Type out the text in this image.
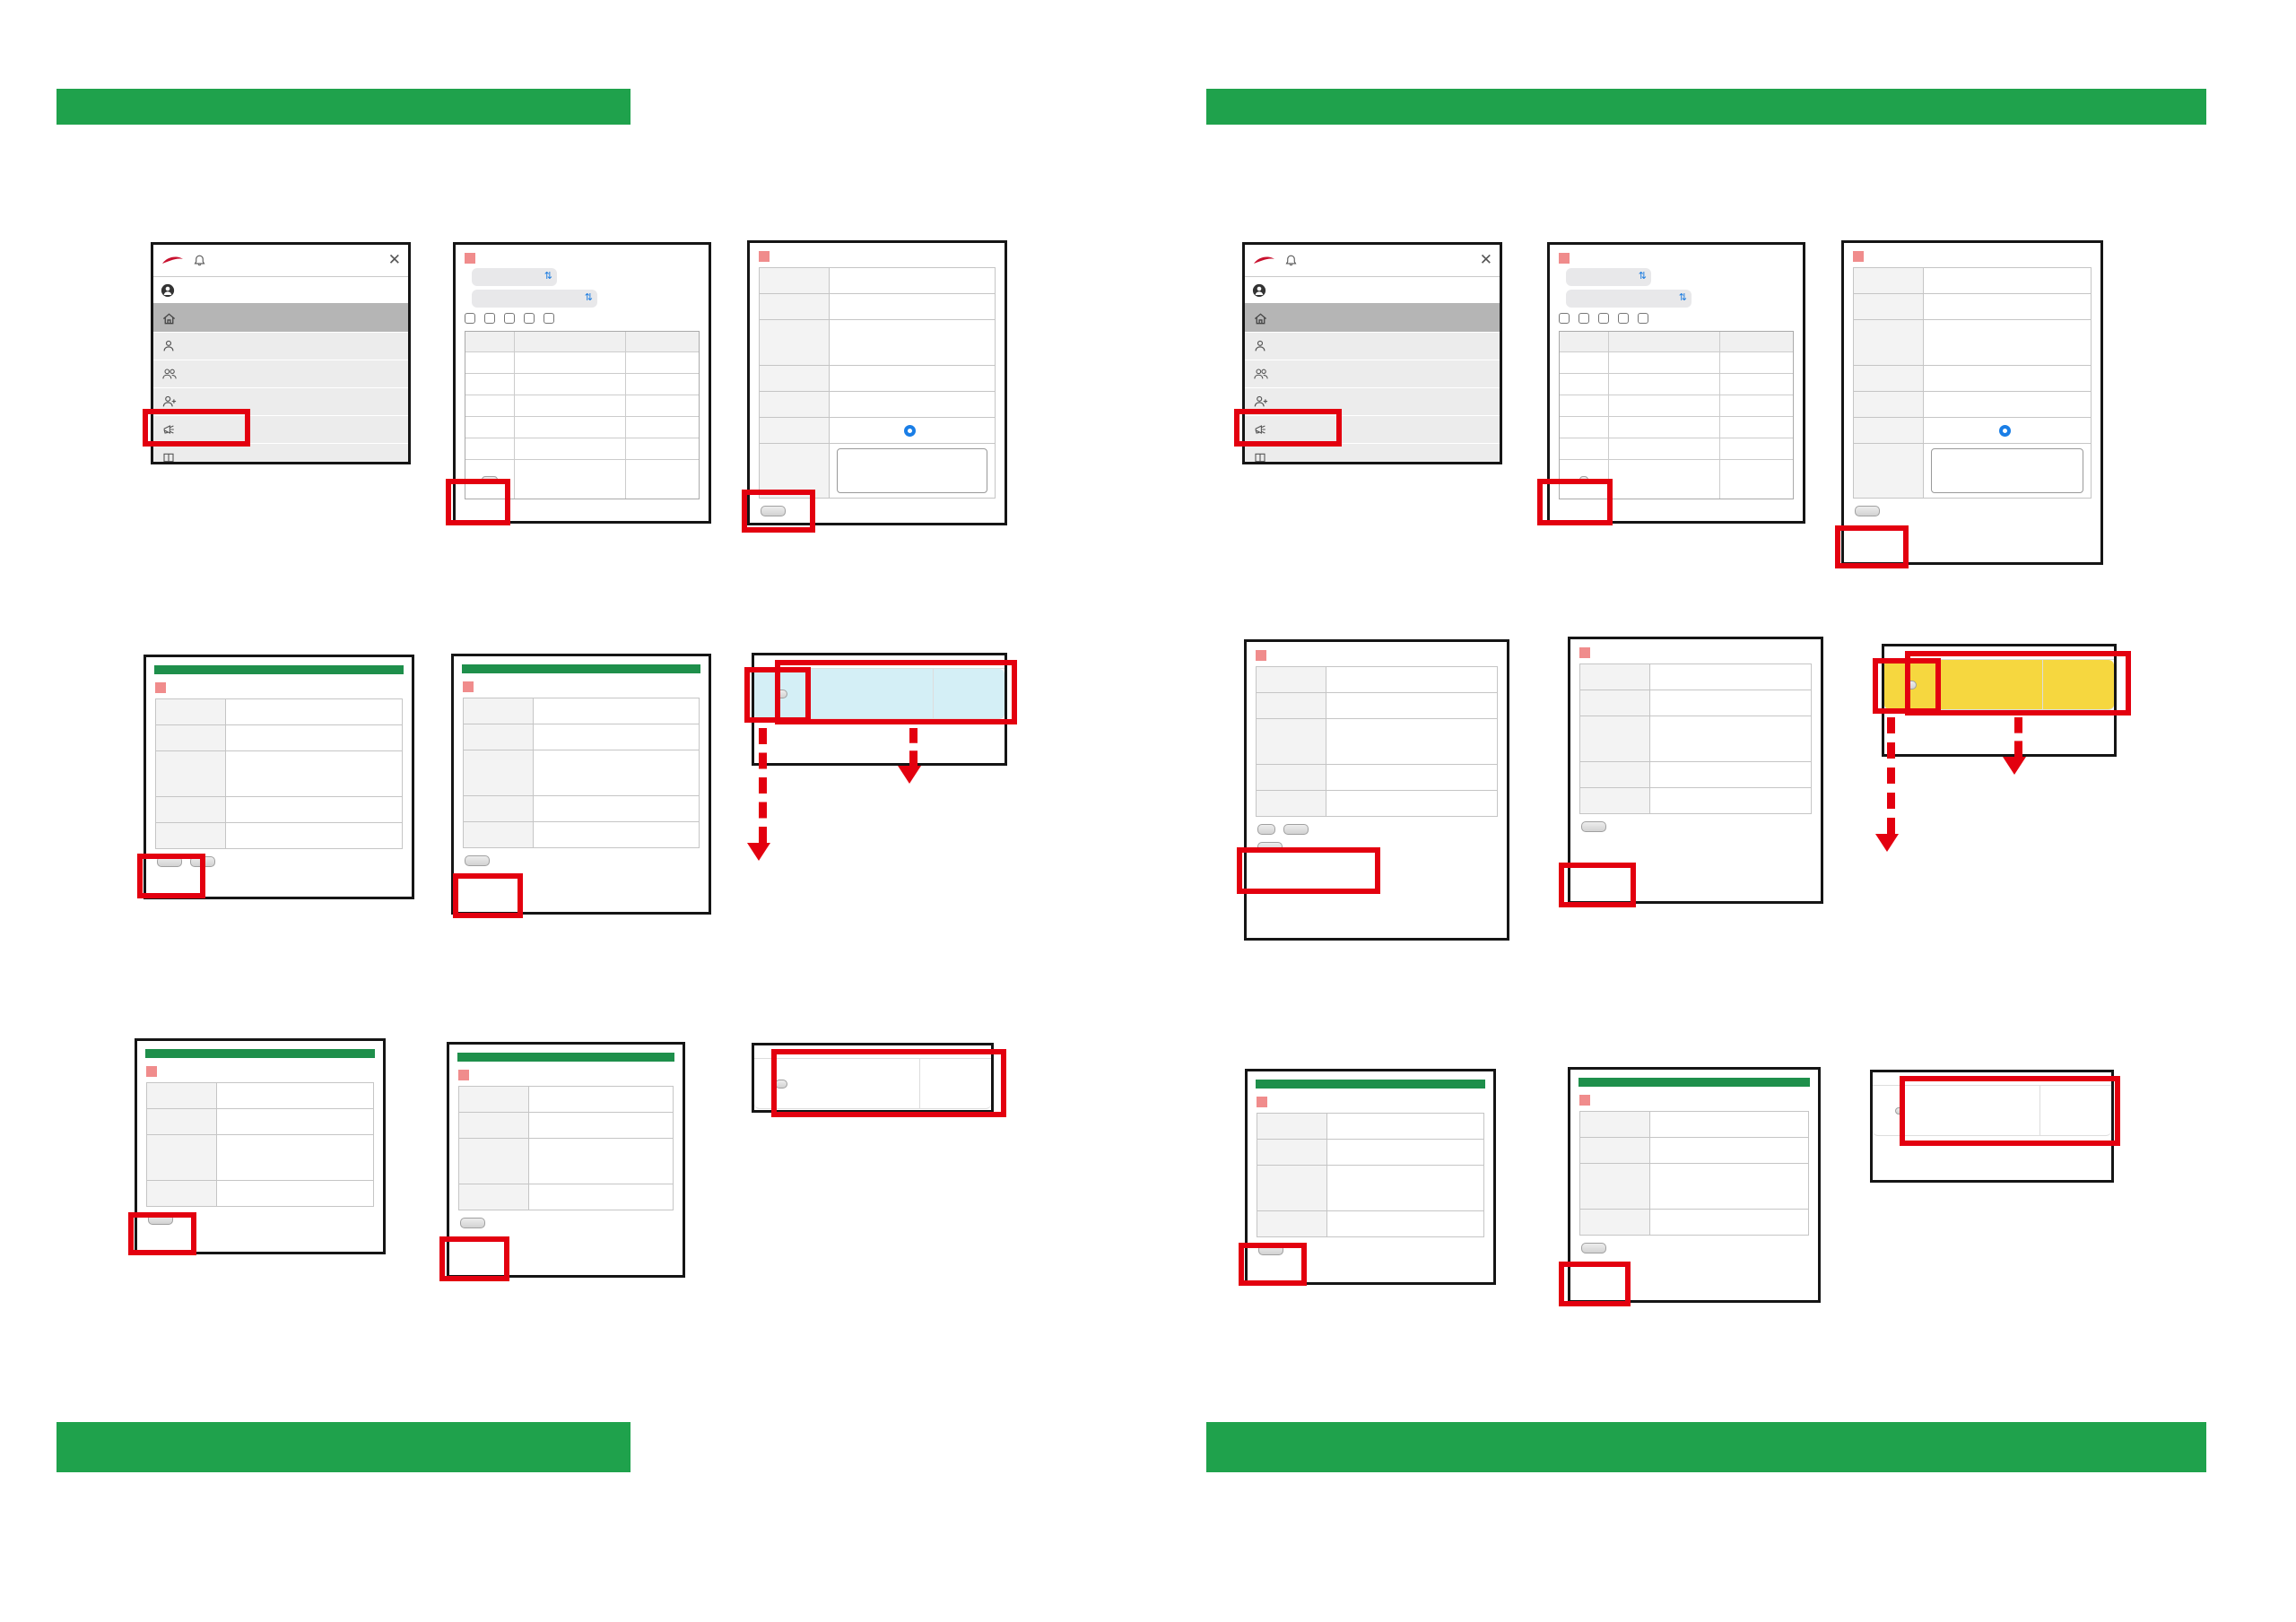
✕
⇅
⇅
✕
⇅
⇅
